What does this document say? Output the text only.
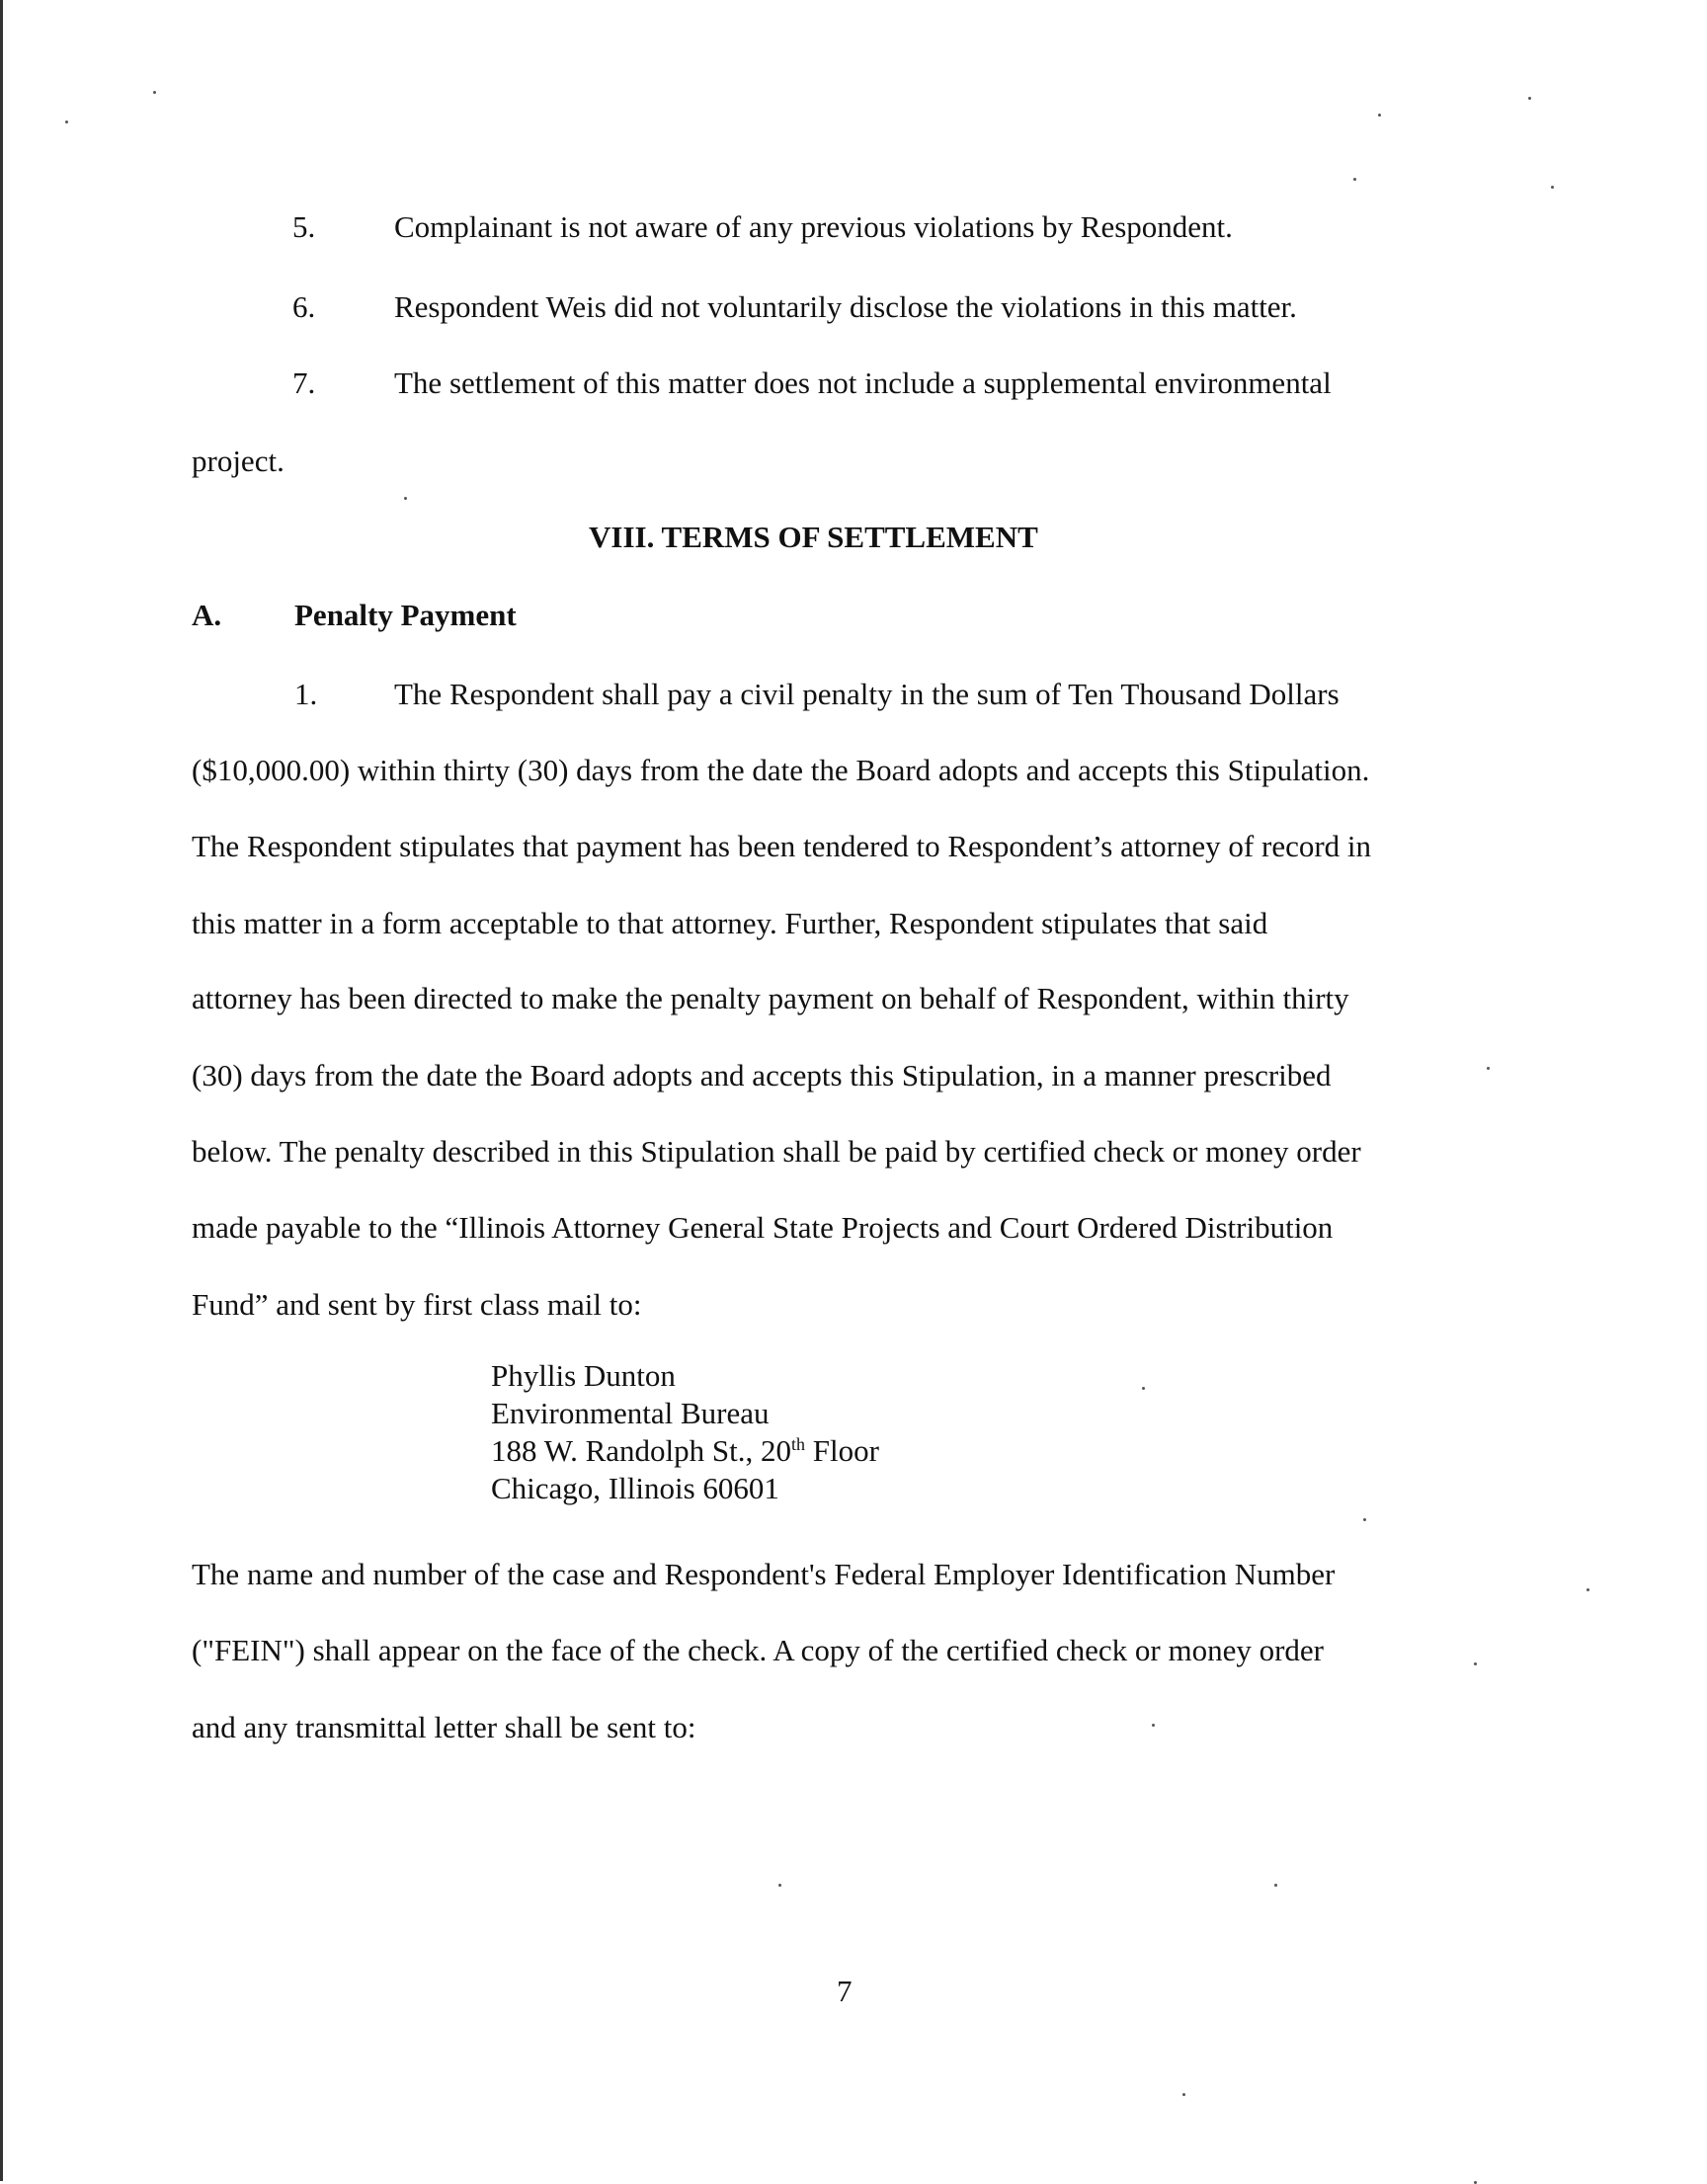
5.	Complainant is not aware of any previous violations by Respondent.
6.	Respondent Weis did not voluntarily disclose the violations in this matter.
7.	The settlement of this matter does not include a supplemental environmental
project.
VIII. TERMS OF SETTLEMENT
A. Penalty Payment
1.	The Respondent shall pay a civil penalty in the sum of Ten Thousand Dollars
($10,000.00) within thirty (30) days from the date the Board adopts and accepts this Stipulation.
The Respondent stipulates that payment has been tendered to Respondent’s attorney of record in
this matter in a form acceptable to that attorney. Further, Respondent stipulates that said
attorney has been directed to make the penalty payment on behalf of Respondent, within thirty
(30) days from the date the Board adopts and accepts this Stipulation, in a manner prescribed
below. The penalty described in this Stipulation shall be paid by certified check or money order
made payable to the “Illinois Attorney General State Projects and Court Ordered Distribution
Fund” and sent by first class mail to:
Phyllis Dunton
Environmental Bureau
188 W. Randolph St., 20th Floor
Chicago, Illinois 60601
The name and number of the case and Respondent's Federal Employer Identification Number
("FEIN") shall appear on the face of the check. A copy of the certified check or money order
and any transmittal letter shall be sent to:
7
